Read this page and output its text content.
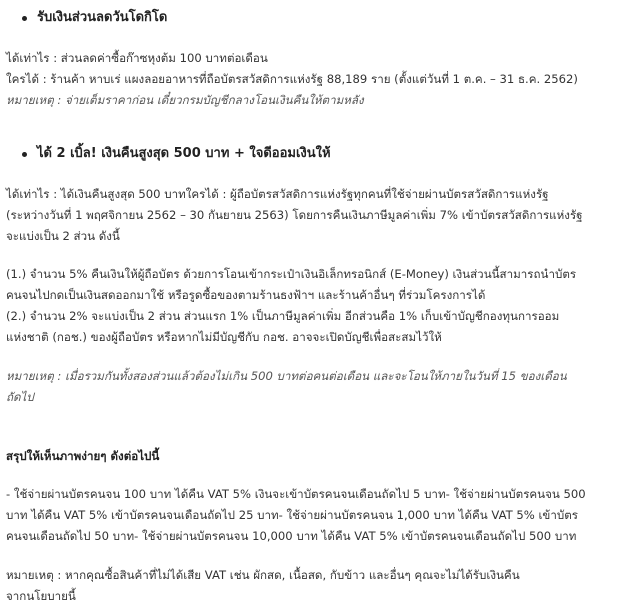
รับเงินส่วนลดวันโดกิโด
ได้เท่าไร : ส่วนลดค่าซื้อก๊าซหุงต้ม 100 บาทต่อเดือน
ใครได้ : ร้านค้า หาบเร่ แผงลอยอาหารที่ถือบัตรสวัสดิการแห่งรัฐ 88,189 ราย (ตั้งแต่วันที่ 1 ต.ค. – 31 ธ.ค. 2562)
หมายเหตุ : จ่ายเต็มราคาก่อน เดี๋ยวกรมบัญชีกลางโอนเงินคืนให้ตามหลัง
ได้ 2 เบิ้ล! เงินคืนสูงสุด 500 บาท + ใจดีออมเงินให้
ได้เท่าไร : ได้เงินคืนสูงสุด 500 บาทใครได้ : ผู้ถือบัตรสวัสดิการแห่งรัฐทุกคนที่ใช้จ่ายผ่านบัตรสวัสดิการแห่งรัฐ
(ระหว่างวันที่ 1 พฤศจิกายน 2562 – 30 กันยายน 2563) โดยการคืนเงินภาษีมูลค่าเพิ่ม 7% เข้าบัตรสวัสดิการแห่งรัฐ
จะแบ่งเป็น 2 ส่วน ดังนี้
(1.) จำนวน 5% คืนเงินให้ผู้ถือบัตร ด้วยการโอนเข้ากระเป๋าเงินอิเล็กทรอนิกส์ (E-Money) เงินส่วนนี้สามารถนำบัตร
คนจนไปกดเป็นเงินสดออกมาใช้ หรือรูดซื้อของตามร้านธงฟ้าฯ และร้านค้าอื่นๆ ที่ร่วมโครงการได้
(2.) จำนวน 2% จะแบ่งเป็น 2 ส่วน ส่วนแรก 1% เป็นภาษีมูลค่าเพิ่ม อีกส่วนคือ 1% เก็บเข้าบัญชีกองทุนการออม
แห่งชาติ (กอช.) ของผู้ถือบัตร หรือหากไม่มีบัญชีกับ กอช. อาจจะเปิดบัญชีเพื่อสะสมไว้ให้
หมายเหตุ : เมื่อรวมกันทั้งสองส่วนแล้วต้องไม่เกิน 500 บาทต่อคนต่อเดือน และจะโอนให้ภายในวันที่ 15 ของเดือน
ถัดไป
สรุปให้เห็นภาพง่ายๆ ดังต่อไปนี้
- ใช้จ่ายผ่านบัตรคนจน 100 บาท ได้คืน VAT 5% เงินจะเข้าบัตรคนจนเดือนถัดไป 5 บาท- ใช้จ่ายผ่านบัตรคนจน 500
บาท ได้คืน VAT 5% เข้าบัตรคนจนเดือนถัดไป 25 บาท- ใช้จ่ายผ่านบัตรคนจน 1,000 บาท ได้คืน VAT 5% เข้าบัตร
คนจนเดือนถัดไป 50 บาท- ใช้จ่ายผ่านบัตรคนจน 10,000 บาท ได้คืน VAT 5% เข้าบัตรคนจนเดือนถัดไป 500 บาท
หมายเหตุ : หากคุณซื้อสินค้าที่ไม่ได้เสีย VAT เช่น ผักสด, เนื้อสด, กับข้าว และอื่นๆ คุณจะไม่ได้รับเงินคืน
จากนโยบายนี้
